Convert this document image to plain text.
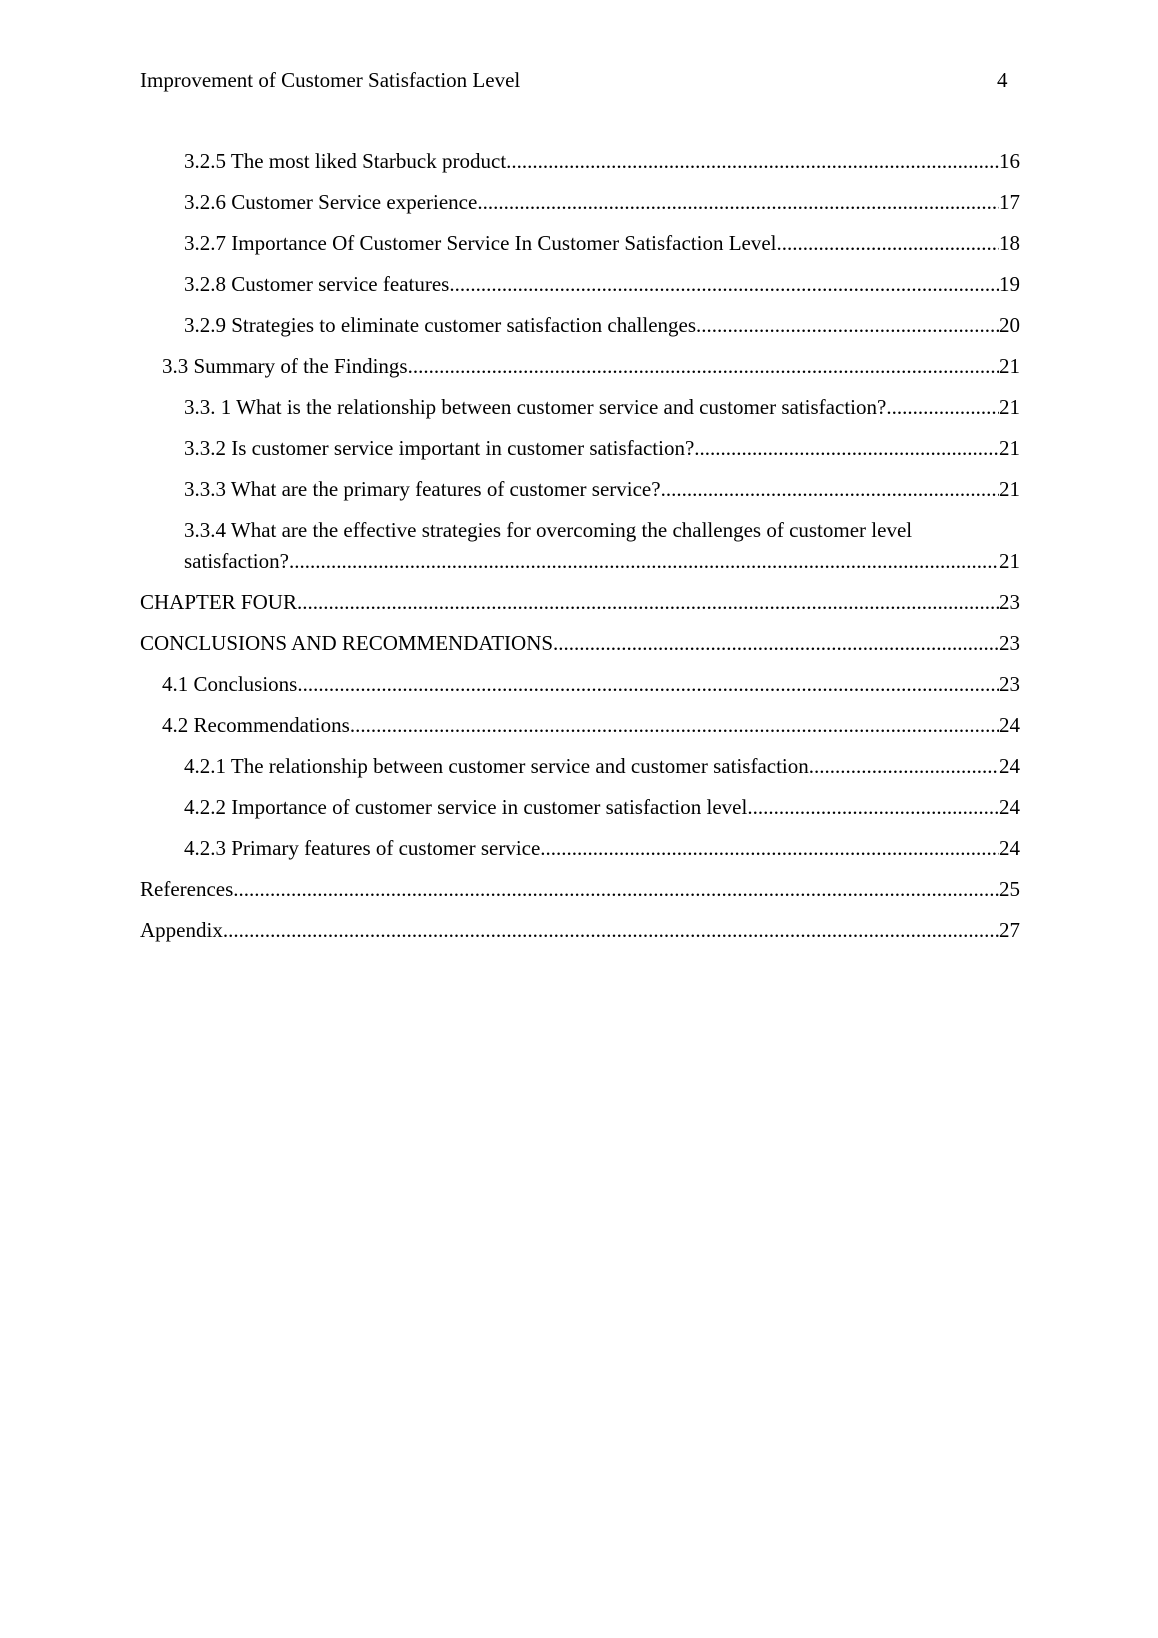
Improvement of Customer Satisfaction Level	4
3.2.5 The most liked Starbuck product .....	16
3.2.6 Customer Service experience .....	17
3.2.7 Importance Of Customer Service In Customer Satisfaction Level .....	18
3.2.8 Customer service features .....	19
3.2.9 Strategies to eliminate customer satisfaction challenges .....	20
3.3 Summary of the Findings .....	21
3.3. 1 What is the relationship between customer service and customer satisfaction? .....	21
3.3.2 Is customer service important in customer satisfaction? .....	21
3.3.3 What are the primary features of customer service? .....	21
3.3.4 What are the effective strategies for overcoming the challenges of customer level
satisfaction? .....	21
CHAPTER FOUR .....	23
CONCLUSIONS AND RECOMMENDATIONS .....	23
4.1 Conclusions .....	23
4.2 Recommendations .....	24
4.2.1 The relationship between customer service and customer satisfaction .....	24
4.2.2 Importance of customer service in customer satisfaction level .....	24
4.2.3 Primary features of customer service .....	24
References .....	25
Appendix .....	27
